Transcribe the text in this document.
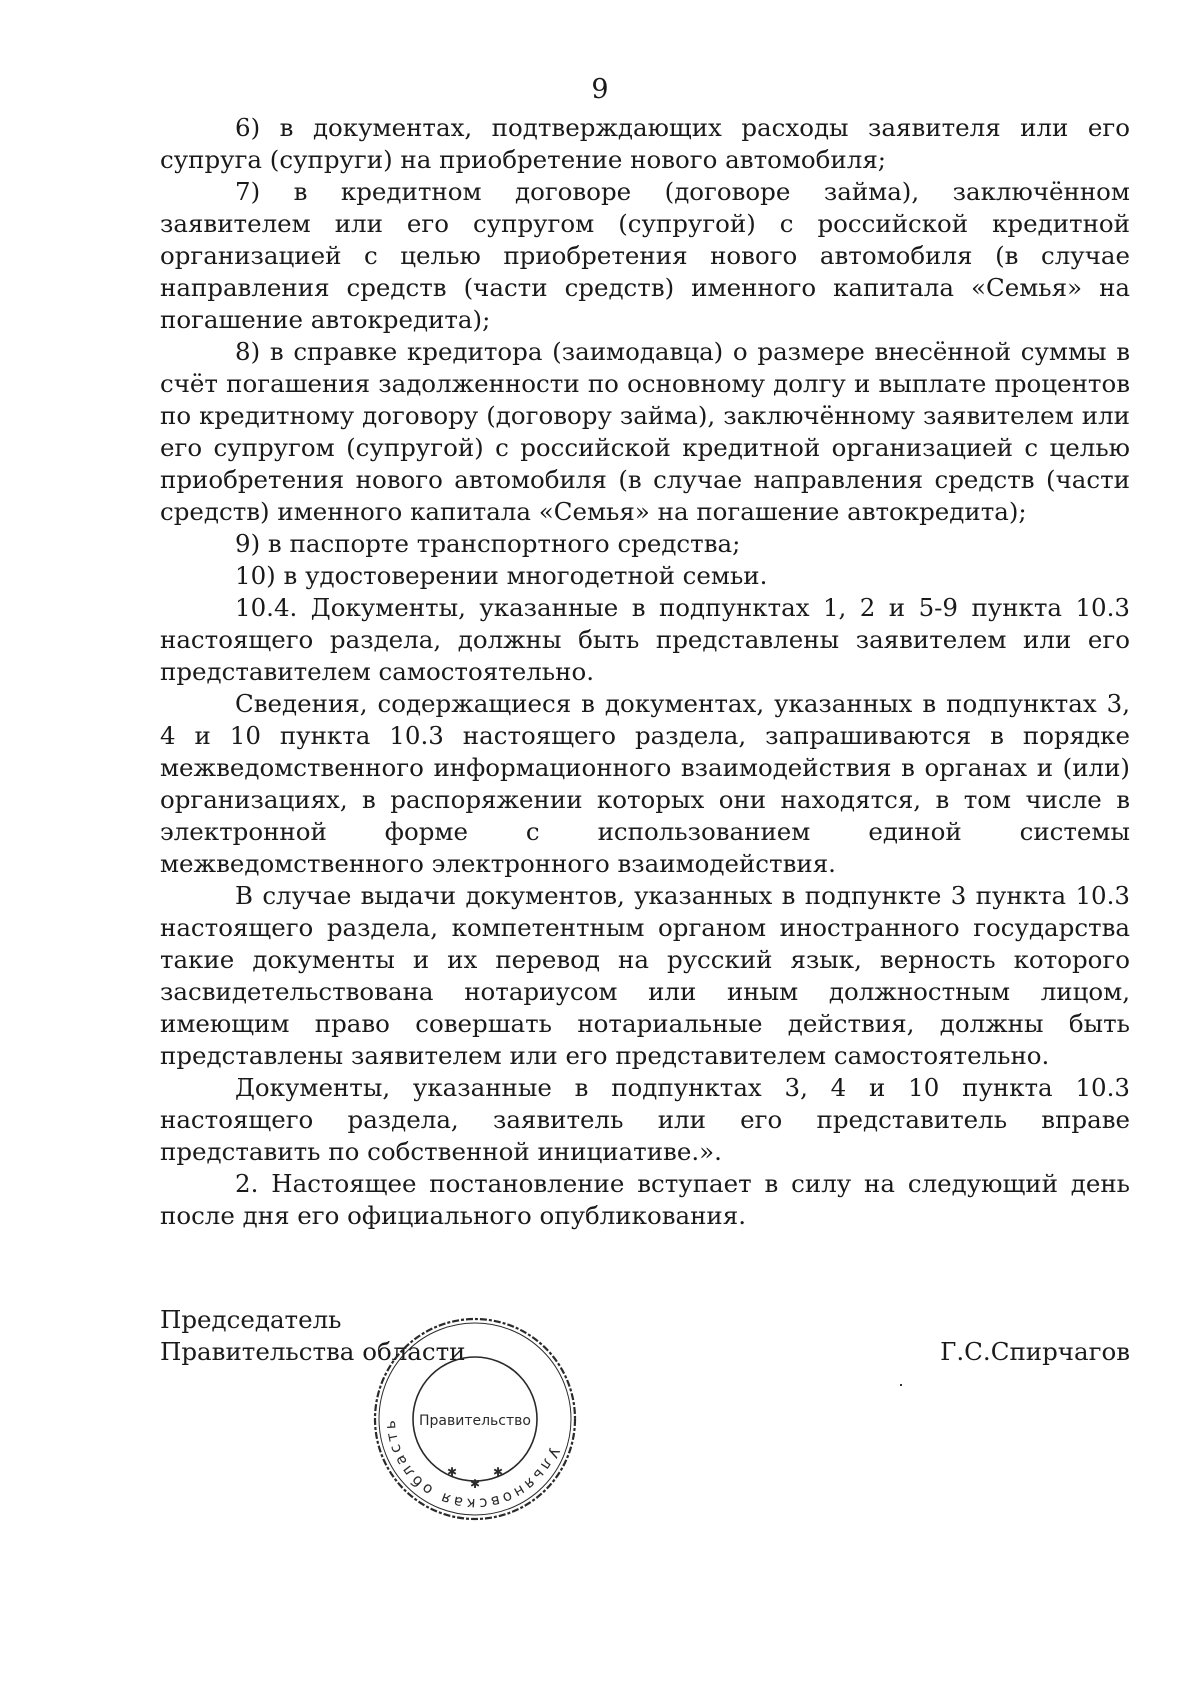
9

6) в документах, подтверждающих расходы заявителя или его супруга (супруги) на приобретение нового автомобиля;

7) в кредитном договоре (договоре займа), заключённом заявителем или его супругом (супругой) с российской кредитной организацией с целью приобретения нового автомобиля (в случае направления средств (части средств) именного капитала «Семья» на погашение автокредита);

8) в справке кредитора (заимодавца) о размере внесённой суммы в счёт погашения задолженности по основному долгу и выплате процентов по кредитному договору (договору займа), заключённому заявителем или его супругом (супругой) с российской кредитной организацией с целью приобретения нового автомобиля (в случае направления средств (части средств) именного капитала «Семья» на погашение автокредита);

9) в паспорте транспортного средства;

10) в удостоверении многодетной семьи.

10.4. Документы, указанные в подпунктах 1, 2 и 5-9 пункта 10.3 настоящего раздела, должны быть представлены заявителем или его представителем самостоятельно.

Сведения, содержащиеся в документах, указанных в подпунктах 3, 4 и 10 пункта 10.3 настоящего раздела, запрашиваются в порядке межведомственного информационного взаимодействия в органах и (или) организациях, в распоряжении которых они находятся, в том числе в электронной форме с использованием единой системы межведомственного электронного взаимодействия.

В случае выдачи документов, указанных в подпункте 3 пункта 10.3 настоящего раздела, компетентным органом иностранного государства такие документы и их перевод на русский язык, верность которого засвидетельствована нотариусом или иным должностным лицом, имеющим право совершать нотариальные действия, должны быть представлены заявителем или его представителем самостоятельно.

Документы, указанные в подпунктах 3, 4 и 10 пункта 10.3 настоящего раздела, заявитель или его представитель вправе представить по собственной инициативе.».

2. Настоящее постановление вступает в силу на следующий день после дня его официального опубликования.

Председатель
Правительства области	Г.С.Спирчагов
Ульяновская область	Правительство
✱
✱
✱
